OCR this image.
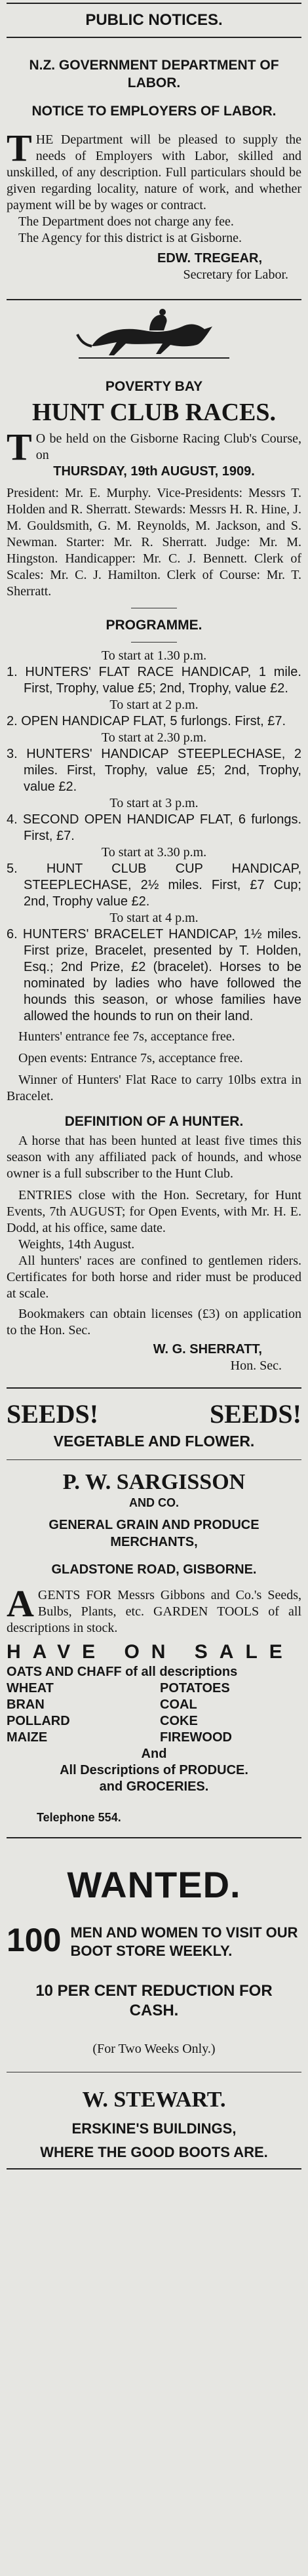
PUBLIC NOTICES.
N.Z. GOVERNMENT DEPARTMENT OF LABOR.
NOTICE TO EMPLOYERS OF LABOR.

THE Department will be pleased to supply the needs of Employers with Labor, skilled and unskilled, of any description. Full particulars should be given regarding locality, nature of work, and whether payment will be by wages or contract.

The Department does not charge any fee.

The Agency for this district is at Gisborne.

EDW. TREGEAR,
Secretary for Labor.
POVERTY BAY
HUNT CLUB RACES.

TO be held on the Gisborne Racing Club's Course, on

THURSDAY, 19th AUGUST, 1909.

President: Mr. E. Murphy. Vice-Presidents: Messrs T. Holden and R. Sherratt. Stewards: Messrs H. R. Hine, J. M. Gouldsmith, G. M. Reynolds, M. Jackson, and S. Newman. Starter: Mr. R. Sherratt. Judge: Mr. M. Hingston. Handicapper: Mr. C. J. Bennett. Clerk of Scales: Mr. C. J. Hamilton. Clerk of Course: Mr. T. Sherratt.

PROGRAMME.

To start at 1.30 p.m.

1. HUNTERS' FLAT RACE HANDICAP, 1 mile. First, Trophy, value £5; 2nd, Trophy, value £2.

To start at 2 p.m.

2. OPEN HANDICAP FLAT, 5 furlongs. First, £7.

To start at 2.30 p.m.

3. HUNTERS' HANDICAP STEEPLECHASE, 2 miles. First, Trophy, value £5; 2nd, Trophy, value £2.

To start at 3 p.m.

4. SECOND OPEN HANDICAP FLAT, 6 furlongs. First, £7.

To start at 3.30 p.m.

5. HUNT CLUB CUP HANDICAP, STEEPLECHASE, 2½ miles. First, £7 Cup; 2nd, Trophy value £2.

To start at 4 p.m.

6. HUNTERS' BRACELET HANDICAP, 1½ miles. First prize, Bracelet, presented by T. Holden, Esq.; 2nd Prize, £2 (bracelet). Horses to be nominated by ladies who have followed the hounds this season, or whose families have allowed the hounds to run on their land.

Hunters' entrance fee 7s, acceptance free.

Open events: Entrance 7s, acceptance free.

Winner of Hunters' Flat Race to carry 10lbs extra in Bracelet.

DEFINITION OF A HUNTER.

A horse that has been hunted at least five times this season with any affiliated pack of hounds, and whose owner is a full subscriber to the Hunt Club.

ENTRIES close with the Hon. Secretary, for Hunt Events, 7th AUGUST; for Open Events, with Mr. H. E. Dodd, at his office, same date.

Weights, 14th August.

All hunters' races are confined to gentlemen riders. Certificates for both horse and rider must be produced at scale.

Bookmakers can obtain licenses (£3) on application to the Hon. Sec.

W. G. SHERRATT,
Hon. Sec.
SEEDS!	SEEDS!
VEGETABLE AND FLOWER.
P. W. SARGISSON
AND CO.
GENERAL GRAIN AND PRODUCE MERCHANTS,
GLADSTONE ROAD, GISBORNE.

AGENTS FOR Messrs Gibbons and Co.'s Seeds, Bulbs, Plants, etc. GARDEN TOOLS of all descriptions in stock.

HAVE ON SALE
OATS AND CHAFF of all descriptions
WHEAT
BRAN
POLLARD
MAIZE
POTATOES
COAL
COKE
FIREWOOD
And
All Descriptions of PRODUCE.
and GROCERIES.
Telephone 554.
WANTED.
100 MEN AND WOMEN TO VISIT OUR BOOT STORE WEEKLY.
10 PER CENT REDUCTION FOR CASH.
(For Two Weeks Only.)
W. STEWART.
ERSKINE'S BUILDINGS,
WHERE THE GOOD BOOTS ARE.
